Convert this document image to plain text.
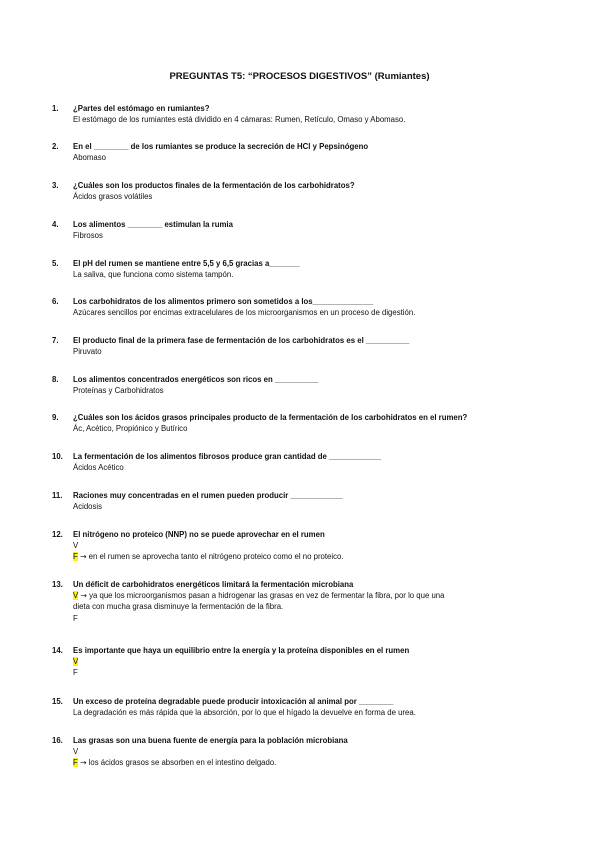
PREGUNTAS T5: “PROCESOS DIGESTIVOS” (Rumiantes)
1. ¿Partes del estómago en rumiantes?
El estómago de los rumiantes está dividido en 4 cámaras: Rumen, Retículo, Omaso y Abomaso.
2. En el ________ de los rumiantes se produce la secreción de HCl y Pepsinógeno
Abomaso
3. ¿Cuáles son los productos finales de la fermentación de los carbohidratos?
Ácidos grasos volátiles
4. Los alimentos ________ estimulan la rumia
Fibrosos
5. El pH del rumen se mantiene entre 5,5 y 6,5 gracias a_______
La saliva, que funciona como sistema tampón.
6. Los carbohidratos de los alimentos primero son sometidos a los______________
Azúcares sencillos por encimas extracelulares de los microorganismos en un proceso de digestión.
7. El producto final de la primera fase de fermentación de los carbohidratos es el __________
Piruvato
8. Los alimentos concentrados energéticos son ricos en __________
Proteínas y Carbohidratos
9. ¿Cuáles son los ácidos grasos principales producto de la fermentación de los carbohidratos en el rumen?
Ác, Acético, Propiónico y Butírico
10. La fermentación de los alimentos fibrosos produce gran cantidad de ____________
Ácidos Acético
11. Raciones muy concentradas en el rumen pueden producir ____________
Acidosis
12. El nitrógeno no proteico (NNP) no se puede aprovechar en el rumen
V
F → en el rumen se aprovecha tanto el nitrógeno proteico como el no proteico.
13. Un déficit de carbohidratos energéticos limitará la fermentación microbiana
V → ya que los microorganismos pasan a hidrogenar las grasas en vez de fermentar la fibra, por lo que una
dieta con mucha grasa disminuye la fermentación de la fibra.
F
14. Es importante que haya un equilibrio entre la energía y la proteína disponibles en el rumen
V
F
15. Un exceso de proteína degradable puede producir intoxicación al animal por ________
La degradación es más rápida que la absorción, por lo que el hígado la devuelve en forma de urea.
16. Las grasas son una buena fuente de energía para la población microbiana
V
F → los ácidos grasos se absorben en el intestino delgado.
